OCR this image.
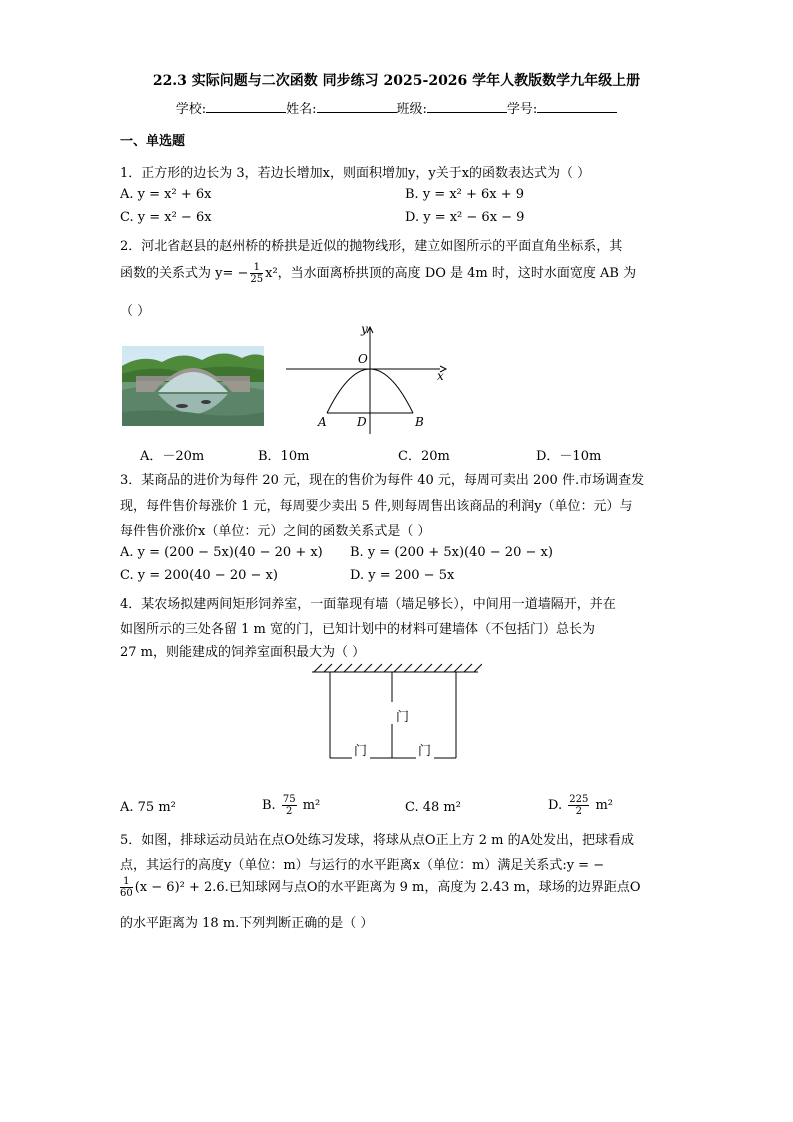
22.3 实际问题与二次函数 同步练习 2025-2026 学年人教版数学九年级上册
学校:	姓名:	班级:	学号:
一、单选题
1．正方形的边长为 3，若边长增加x，则面积增加y，y关于x的函数表达式为（ ）
A. y = x² + 6x	B. y = x² + 6x + 9
C. y = x² − 6x	D. y = x² − 6x − 9
2．河北省赵县的赵州桥的桥拱是近似的抛物线形，建立如图所示的平面直角坐标系，其
函数的关系式为 $y= - \frac{1}{25} x^2$，当水面离桥拱顶的高度 DO 是 4m 时，这时水面宽度 AB 为
（ ）
y
x
O
A	D	B
A．－20m	B．10m	C．20m	D．－10m
3．某商品的进价为每件 20 元，现在的售价为每件 40 元，每周可卖出 200 件.市场调查发
现，每件售价每涨价 1 元，每周要少卖出 5 件,则每周售出该商品的利润y（单位：元）与
每件售价涨价x（单位：元）之间的函数关系式是（ ）
A. y = (200 − 5x)(40 − 20 + x) B. y = (200 + 5x)(40 − 20 − x)
C. y = 200(40 − 20 − x)	D. y = 200 − 5x
4．某农场拟建两间矩形饲养室，一面靠现有墙（墙足够长），中间用一道墙隔开，并在
如图所示的三处各留 1 m 宽的门，已知计划中的材料可建墙体（不包括门）总长为
27 m，则能建成的饲养室面积最大为（ ）
门
门	门
A. 75 m²	B. $\frac{75}{2} m^2$	C. 48 m²	D. $\frac{225}{2} m^2$
5．如图，排球运动员站在点O处练习发球，将球从点O正上方 2 m 的A处发出，把球看成
点，其运行的高度y（单位：m）与运行的水平距离x（单位：m）满足关系式:y = −
$\frac{1}{60} (x - 6)^2 + 2.6$.已知球网与点O的水平距离为 9 m，高度为 2.43 m，球场的边界距点O
的水平距离为 18 m.下列判断正确的是（ ）
